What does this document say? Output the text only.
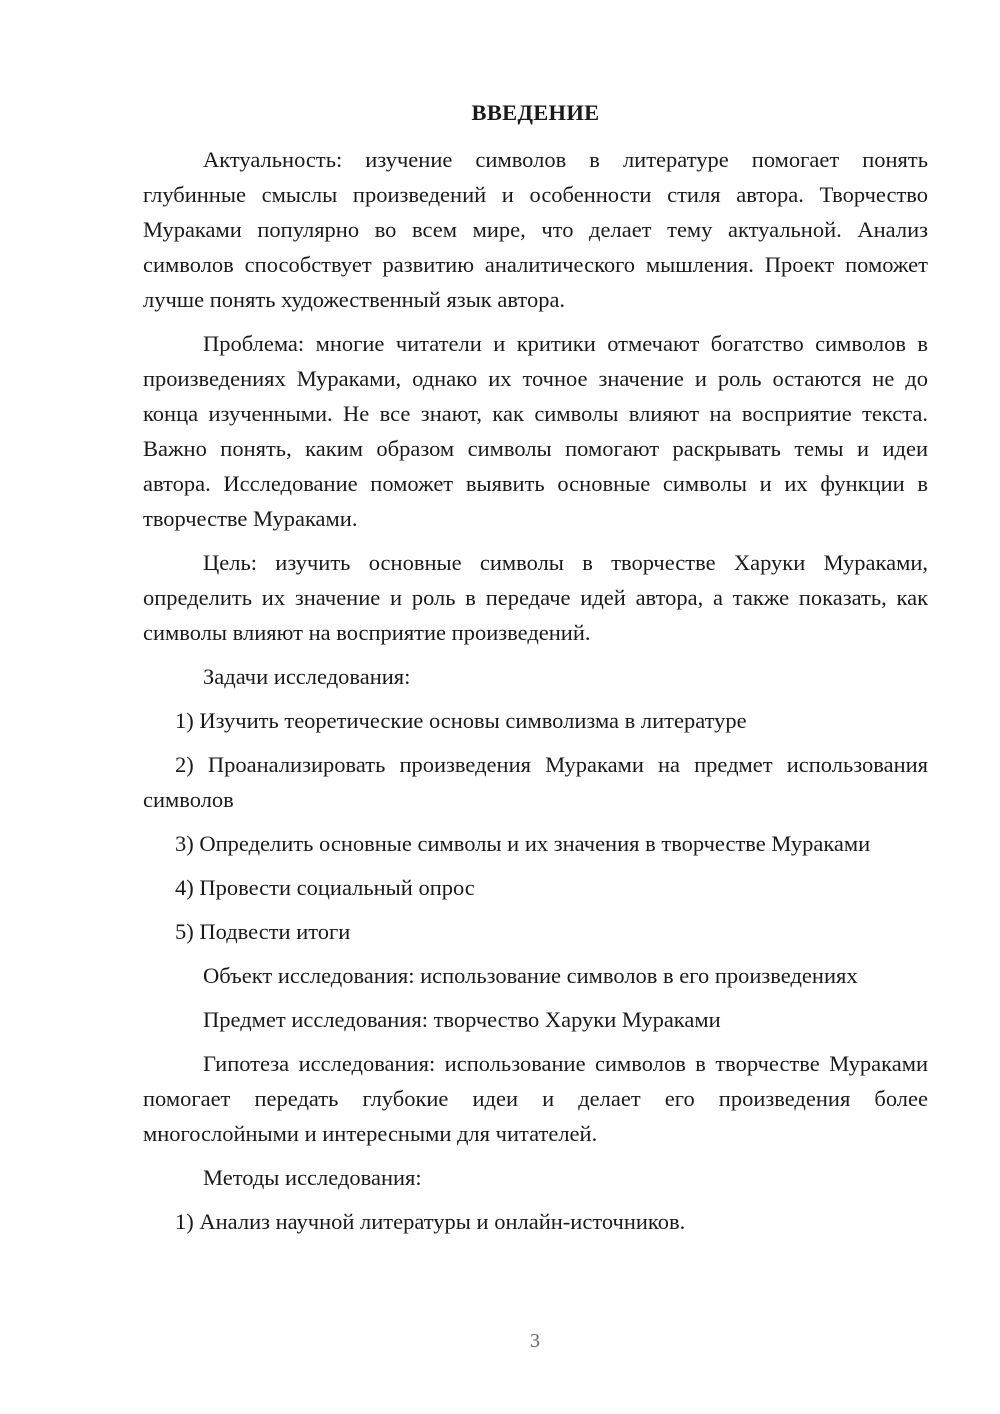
ВВЕДЕНИЕ
Актуальность: изучение символов в литературе помогает понять глубинные смыслы произведений и особенности стиля автора. Творчество Мураками популярно во всем мире, что делает тему актуальной. Анализ символов способствует развитию аналитического мышления. Проект поможет лучше понять художественный язык автора.
Проблема: многие читатели и критики отмечают богатство символов в произведениях Мураками, однако их точное значение и роль остаются не до конца изученными. Не все знают, как символы влияют на восприятие текста. Важно понять, каким образом символы помогают раскрывать темы и идеи автора. Исследование поможет выявить основные символы и их функции в творчестве Мураками.
Цель: изучить основные символы в творчестве Харуки Мураками, определить их значение и роль в передаче идей автора, а также показать, как символы влияют на восприятие произведений.
Задачи исследования:
1) Изучить теоретические основы символизма в литературе
2) Проанализировать произведения Мураками на предмет использования символов
3) Определить основные символы и их значения в творчестве Мураками
4) Провести социальный опрос
5) Подвести итоги
Объект исследования: использование символов в его произведениях
Предмет исследования: творчество Харуки Мураками
Гипотеза исследования: использование символов в творчестве Мураками помогает передать глубокие идеи и делает его произведения более многослойными и интересными для читателей.
Методы исследования:
1) Анализ научной литературы и онлайн-источников.
3
